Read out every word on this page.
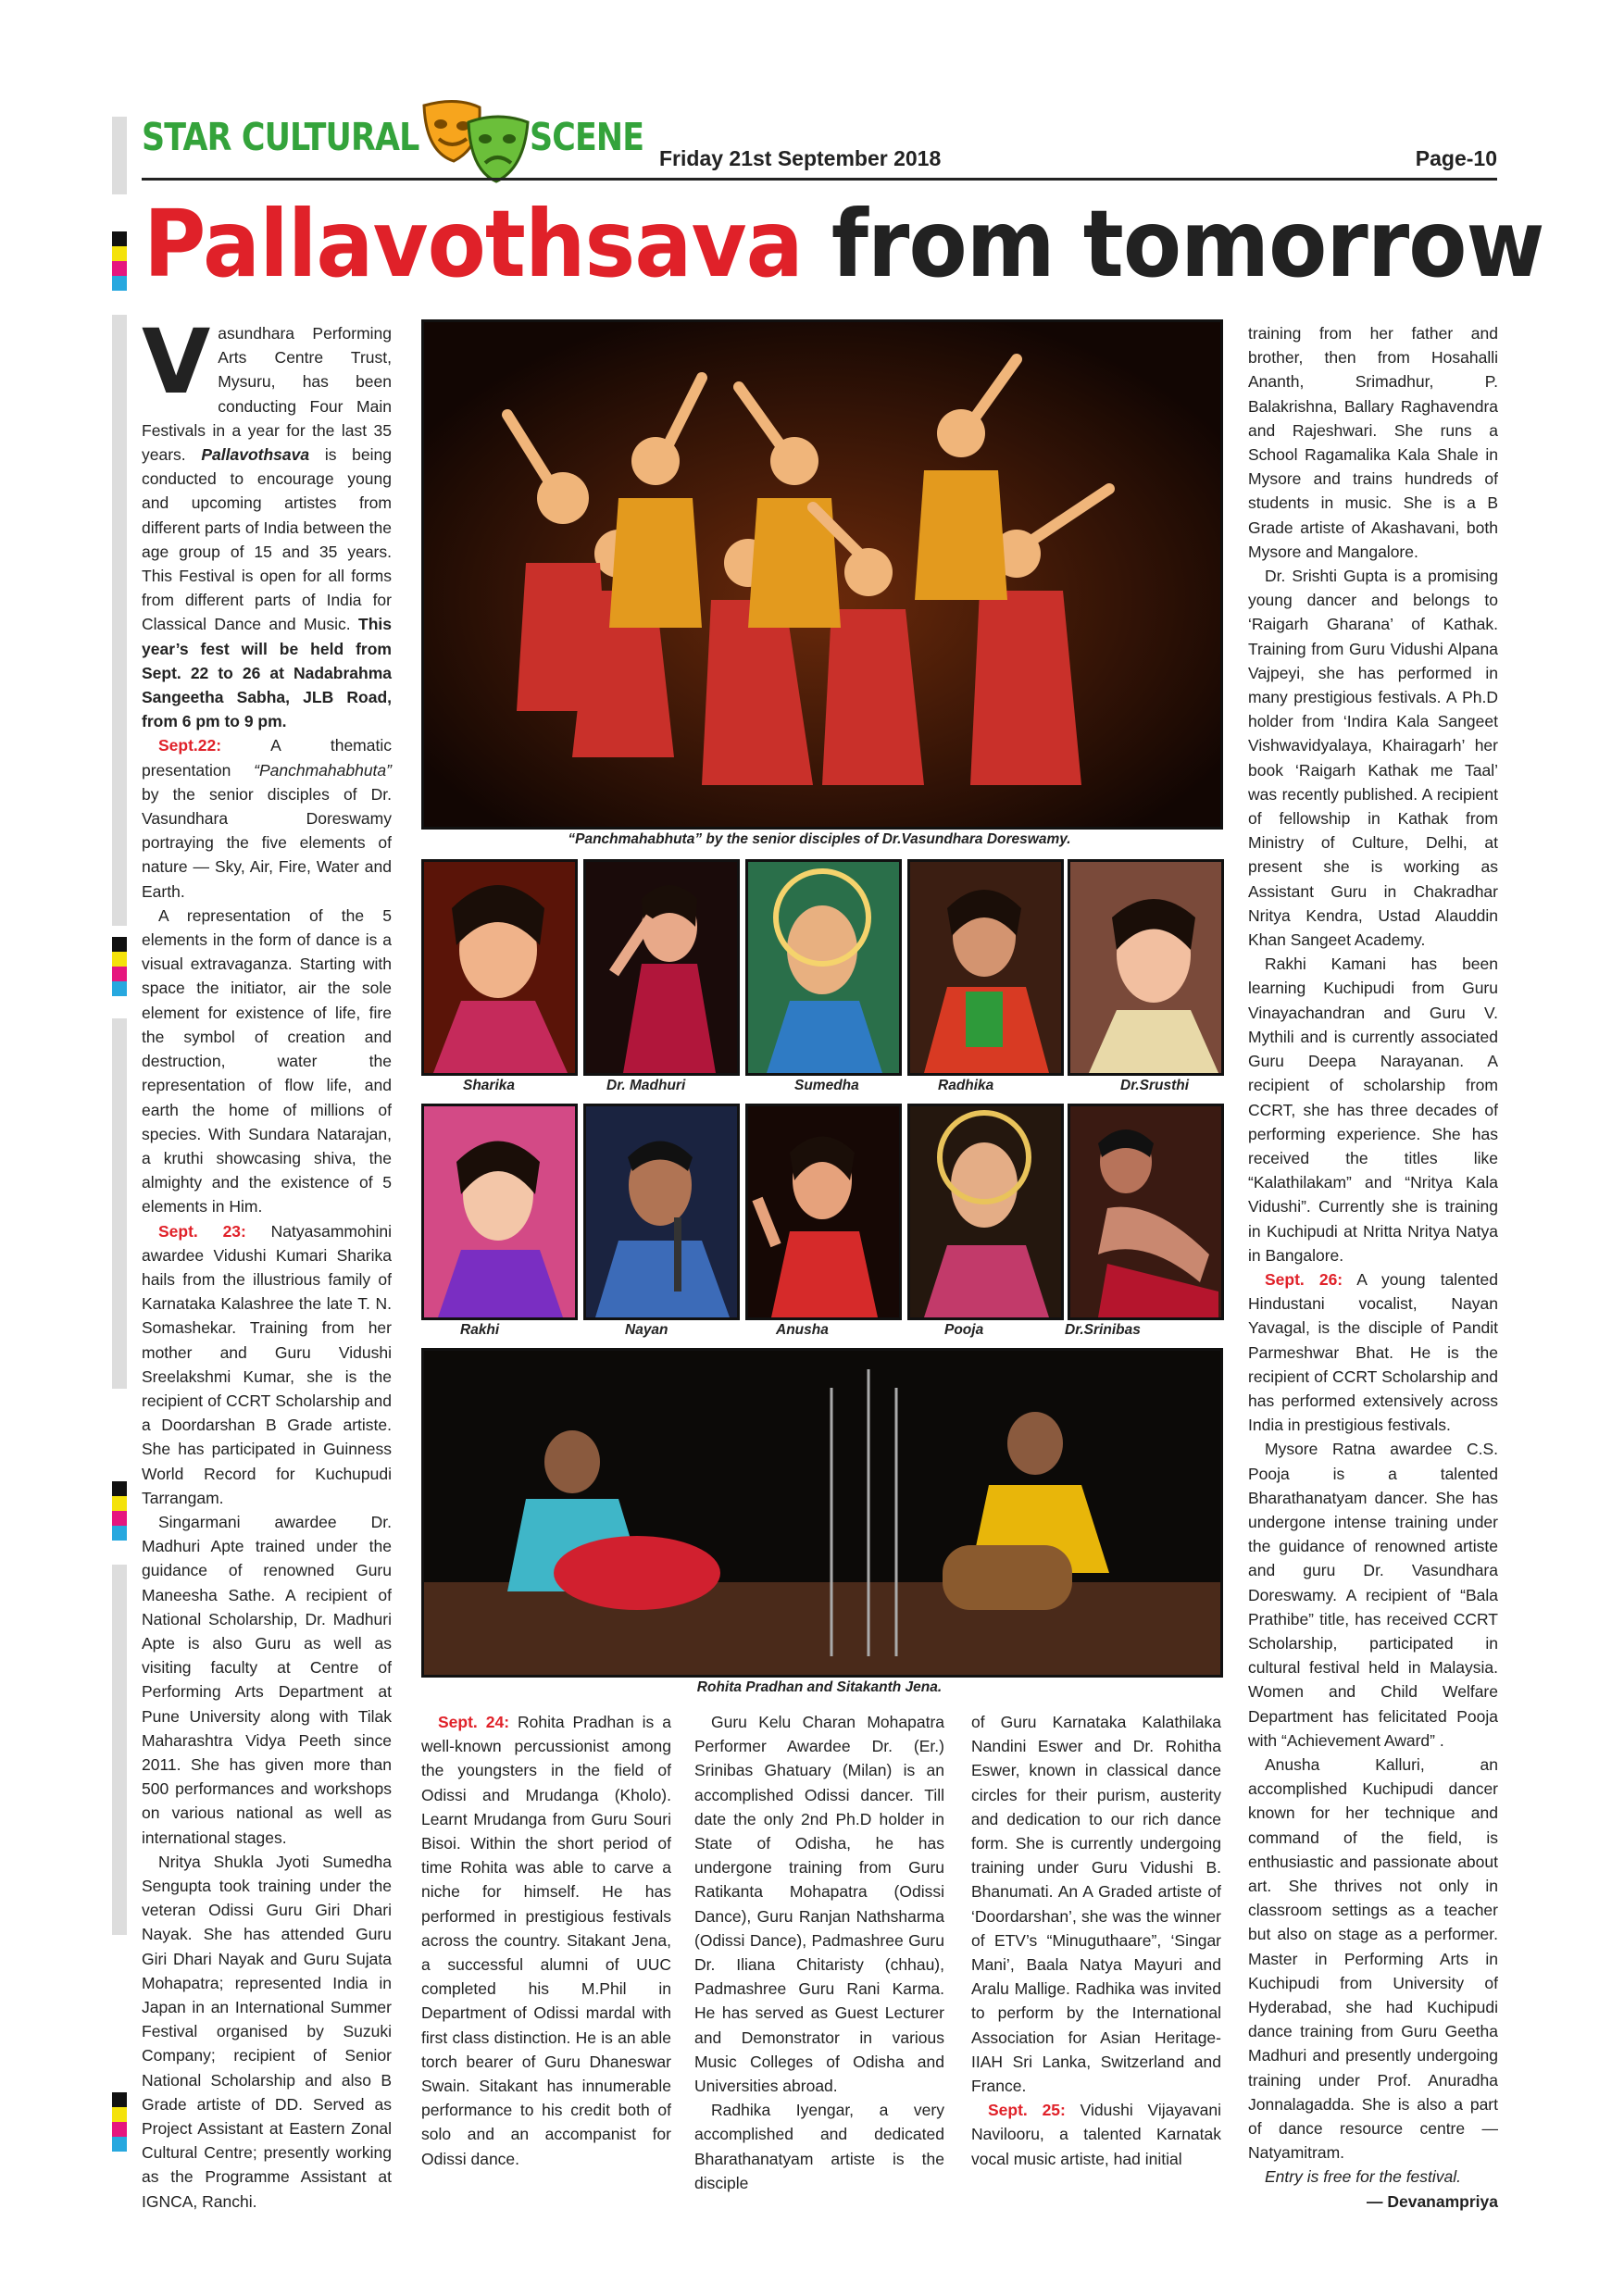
STAR CULTURAL	SCENE Friday 21st September 2018	Page-10
Pallavothsava from tomorrow

Vasundhara Performing Arts Centre Trust, Mysuru, has been conducting Four Main Festivals in a year for the last 35 years. Pallavothsava is being conducted to encourage young and upcoming artistes from different parts of India between the age group of 15 and 35 years. This Festival is open for all forms from different parts of India for Classical Dance and Music. This year’s fest will be held from Sept. 22 to 26 at Nadabrahma Sangeetha Sabha, JLB Road, from 6 pm to 9 pm.

Sept.22: A thematic presentation “Panchmahabhuta” by the senior disciples of Dr. Vasundhara Doreswamy portraying the five elements of nature — Sky, Air, Fire, Water and Earth.

A representation of the 5 elements in the form of dance is a visual extravaganza. Starting with space the initiator, air the sole element for existence of life, fire the symbol of creation and destruction, water the representation of flow life, and earth the home of millions of species. With Sundara Natarajan, a kruthi showcasing shiva, the almighty and the existence of 5 elements in Him.

Sept. 23: Natyasammohini awardee Vidushi Kumari Sharika hails from the illustrious family of Karnataka Kalashree the late T. N. Somashekar. Training from her mother and Guru Vidushi Sreelakshmi Kumar, she is the recipient of CCRT Scholarship and a Doordarshan B Grade artiste. She has participated in Guinness World Record for Kuchupudi Tarrangam.

Singarmani awardee Dr. Madhuri Apte trained under the guidance of renowned Guru Maneesha Sathe. A recipient of National Scholarship, Dr. Madhuri Apte is also Guru as well as visiting faculty at Centre of Performing Arts Department at Pune University along with Tilak Maharashtra Vidya Peeth since 2011. She has given more than 500 performances and workshops on various national as well as international stages.

Nritya Shukla Jyoti Sumedha Sengupta took training under the veteran Odissi Guru Giri Dhari Nayak. She has attended Guru Giri Dhari Nayak and Guru Sujata Mohapatra; represented India in Japan in an International Summer Festival organised by Suzuki Company; recipient of Senior National Scholarship and also B Grade artiste of DD. Served as Project Assistant at Eastern Zonal Cultural Centre; presently working as the Programme Assistant at IGNCA, Ranchi.

“Panchmahabhuta” by the senior disciples of Dr.Vasundhara Doreswamy.
Sharika	Dr. Madhuri	Sumedha	Radhika	Dr.Srusthi
Rakhi	Nayan	Anusha	Pooja	Dr.Srinibas
Rohita Pradhan and Sitakanth Jena.

Sept. 24: Rohita Pradhan is a well-known percussionist among the youngsters in the field of Odissi and Mrudanga (Kholo). Learnt Mrudanga from Guru Souri Bisoi. Within the short period of time Rohita was able to carve a niche for himself. He has performed in prestigious festivals across the country. Sitakant Jena, a successful alumni of UUC completed his M.Phil in Department of Odissi mardal with first class distinction. He is an able torch bearer of Guru Dhaneswar Swain. Sitakant has innumerable performance to his credit both of solo and an accompanist for Odissi dance.

Guru Kelu Charan Mohapatra Performer Awardee Dr. (Er.) Srinibas Ghatuary (Milan) is an accomplished Odissi dancer. Till date the only 2nd Ph.D holder in State of Odisha, he has undergone training from Guru Ratikanta Mohapatra (Odissi Dance), Guru Ranjan Nathsharma (Odissi Dance), Padmashree Guru Dr. Iliana Chitaristy (chhau), Padmashree Guru Rani Karma. He has served as Guest Lecturer and Demonstrator in various Music Colleges of Odisha and Universities abroad.

Radhika Iyengar, a very accomplished and dedicated Bharathanatyam artiste is the disciple

of Guru Karnataka Kalathilaka Nandini Eswer and Dr. Rohitha Eswer, known in classical dance circles for their purism, austerity and dedication to our rich dance form. She is currently undergoing training under Guru Vidushi B. Bhanumati. An A Graded artiste of ‘Doordarshan’, she was the winner of ETV’s “Minuguthaare”, ‘Singar Mani’, Baala Natya Mayuri and Aralu Mallige. Radhika was invited to perform by the International Association for Asian Heritage- IIAH Sri Lanka, Switzerland and France.

Sept. 25: Vidushi Vijayavani Navilooru, a talented Karnatak vocal music artiste, had initial

training from her father and brother, then from Hosahalli Ananth, Srimadhur, P. Balakrishna, Ballary Raghavendra and Rajeshwari. She runs a School Ragamalika Kala Shale in Mysore and trains hundreds of students in music. She is a B Grade artiste of Akashavani, both Mysore and Mangalore.

Dr. Srishti Gupta is a promising young dancer and belongs to ‘Raigarh Gharana’ of Kathak. Training from Guru Vidushi Alpana Vajpeyi, she has performed in many prestigious festivals. A Ph.D holder from ‘Indira Kala Sangeet Vishwavidyalaya, Khairagarh’ her book ‘Raigarh Kathak me Taal’ was recently published. A recipient of fellowship in Kathak from Ministry of Culture, Delhi, at present she is working as Assistant Guru in Chakradhar Nritya Kendra, Ustad Alauddin Khan Sangeet Academy.

Rakhi Kamani has been learning Kuchipudi from Guru Vinayachandran and Guru V. Mythili and is currently associated Guru Deepa Narayanan. A recipient of scholarship from CCRT, she has three decades of performing experience. She has received the titles like “Kalathilakam” and “Nritya Kala Vidushi”. Currently she is training in Kuchipudi at Nritta Nritya Natya in Bangalore.

Sept. 26: A young talented Hindustani vocalist, Nayan Yavagal, is the disciple of Pandit Parmeshwar Bhat. He is the recipient of CCRT Scholarship and has performed extensively across India in prestigious festivals.

Mysore Ratna awardee C.S. Pooja is a talented Bharathanatyam dancer. She has undergone intense training under the guidance of renowned artiste and guru Dr. Vasundhara Doreswamy. A recipient of “Bala Prathibe” title, has received CCRT Scholarship, participated in cultural festival held in Malaysia. Women and Child Welfare Department has felicitated Pooja with “Achievement Award” .

Anusha Kalluri, an accomplished Kuchipudi dancer known for her technique and command of the field, is enthusiastic and passionate about art. She thrives not only in classroom settings as a teacher but also on stage as a performer. Master in Performing Arts in Kuchipudi from University of Hyderabad, she had Kuchipudi dance training from Guru Geetha Madhuri and presently undergoing training under Prof. Anuradha Jonnalagadda. She is also a part of dance resource centre — Natyamitram.

Entry is free for the festival.

— Devanampriya
